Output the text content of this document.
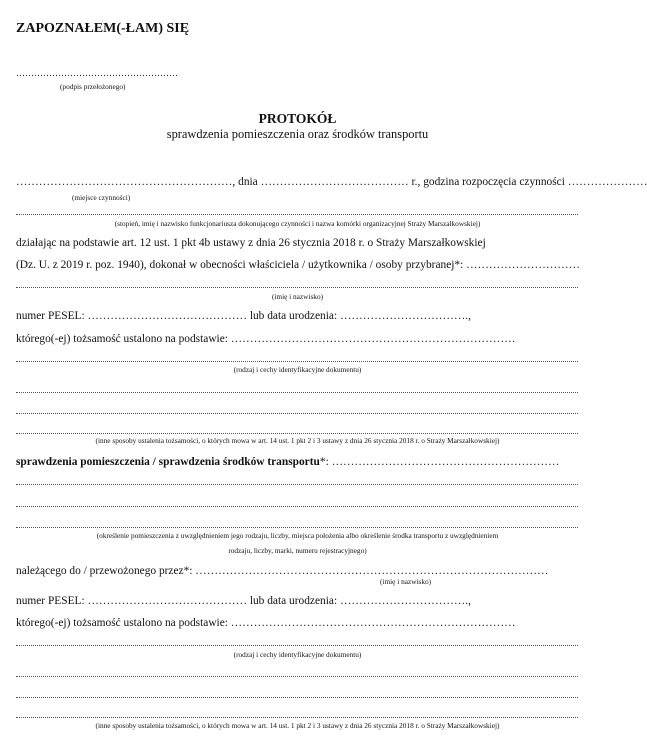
ZAPOZNAŁEM(-ŁAM) SIĘ
………………………………………………
(podpis przełożonego)
PROTOKÓŁ
sprawdzenia pomieszczenia oraz środków transportu
…………………………………………………, dnia ………………………………… r., godzina rozpoczęcia czynności …………………
(miejsce czynności)
(stopień, imię i nazwisko funkcjonariusza dokonującego czynności i nazwa komórki organizacyjnej Straży Marszałkowskiej)
działając na podstawie art. 12 ust. 1 pkt 4b ustawy z dnia 26 stycznia 2018 r. o Straży Marszałkowskiej
(Dz. U. z 2019 r. poz. 1940), dokonał w obecności właściciela / użytkownika / osoby przybranej*: …………………………
(imię i nazwisko)
numer PESEL: …………………………………… lub data urodzenia: …………………………….,
którego(-ej) tożsamość ustalono na podstawie: …………………………………………………………………
(rodzaj i cechy identyfikacyjne dokumentu)
(inne sposoby ustalenia tożsamości, o których mowa w art. 14 ust. 1 pkt 2 i 3 ustawy z dnia 26 stycznia 2018 r. o Straży Marszałkowskiej)
sprawdzenia pomieszczenia / sprawdzenia środków transportu*: ……………………………………………………
(określenie pomieszczenia z uwzględnieniem jego rodzaju, liczby, miejsca położenia albo określenie środka transportu z uwzględnieniem
rodzaju, liczby, marki, numeru rejestracyjnego)
należącego do / przewożonego przez*: …………………………………………………………………………………
(imię i nazwisko)
numer PESEL: …………………………………… lub data urodzenia: …………………………….,
którego(-ej) tożsamość ustalono na podstawie: …………………………………………………………………
(rodzaj i cechy identyfikacyjne dokumentu)
(inne sposoby ustalenia tożsamości, o których mowa w art. 14 ust. 1 pkt 2 i 3 ustawy z dnia 26 stycznia 2018 r. o Straży Marszałkowskiej)
